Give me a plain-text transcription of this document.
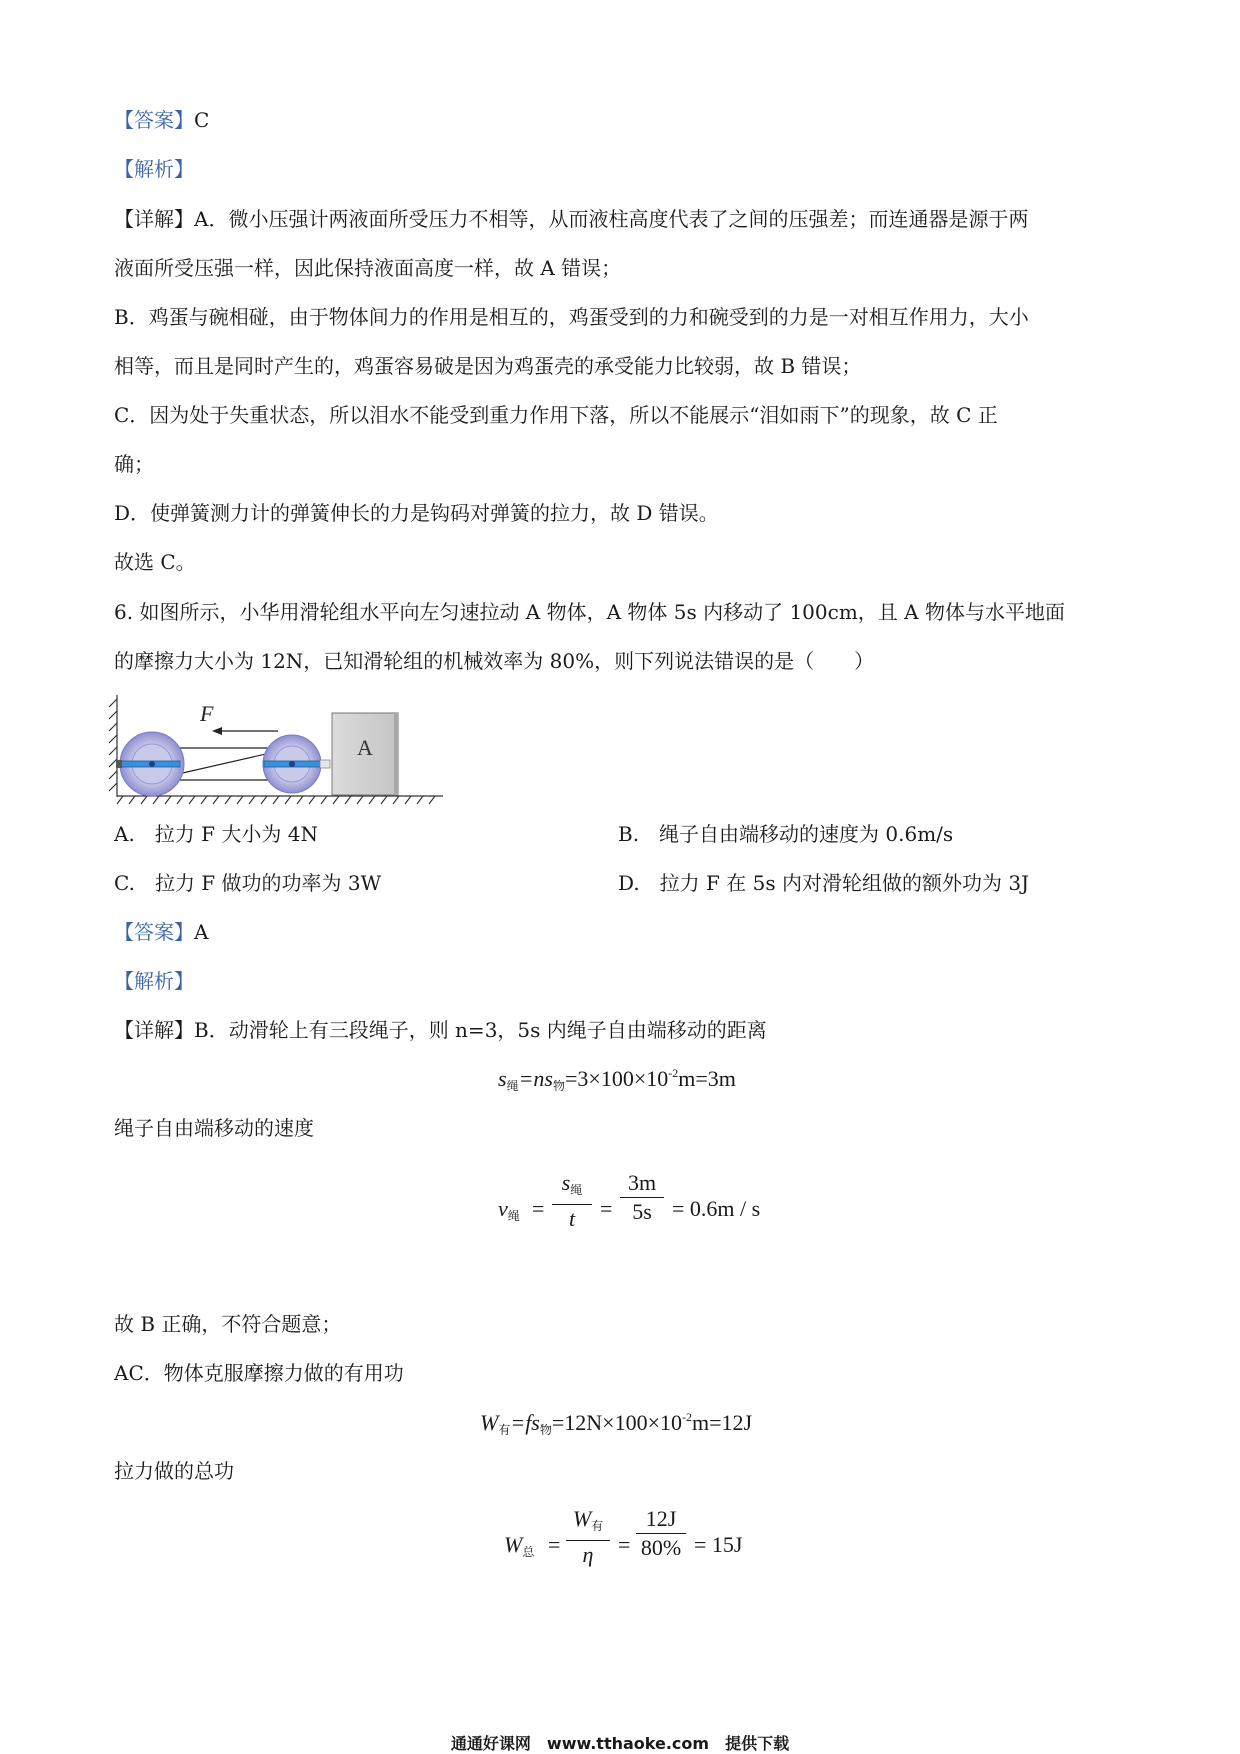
【答案】C
【解析】
【详解】A．微小压强计两液面所受压力不相等，从而液柱高度代表了之间的压强差；而连通器是源于两
液面所受压强一样，因此保持液面高度一样，故 A 错误；
B．鸡蛋与碗相碰，由于物体间力的作用是相互的，鸡蛋受到的力和碗受到的力是一对相互作用力，大小
相等，而且是同时产生的，鸡蛋容易破是因为鸡蛋壳的承受能力比较弱，故 B 错误；
C．因为处于失重状态，所以泪水不能受到重力作用下落，所以不能展示“泪如雨下”的现象，故 C 正
确；
D．使弹簧测力计的弹簧伸长的力是钩码对弹簧的拉力，故 D 错误。
故选 C。
6. 如图所示，小华用滑轮组水平向左匀速拉动 A 物体，A 物体 5s 内移动了 100cm，且 A 物体与水平地面
的摩擦力大小为 12N，已知滑轮组的机械效率为 80%，则下列说法错误的是（　　）
A
F
A.　拉力 F 大小为 4N	B.　绳子自由端移动的速度为 0.6m/s
C.　拉力 F 做功的功率为 3W	D.　拉力 F 在 5s 内对滑轮组做的额外功为 3J
【答案】A
【解析】
【详解】B．动滑轮上有三段绳子，则 n=3，5s 内绳子自由端移动的距离
$s_绳=ns_物=3\times 100\times 10^{-2}m=3m$
绳子自由端移动的速度
$v_绳$ =
$s_绳$
t	=
3m
5s = 0.6m / s
故 B 正确，不符合题意；
AC．物体克服摩擦力做的有用功
$W_有=fs_物=12N\times 100\times 10^{-2}m=12J$
拉力做的总功
$W_总$ =
$W_有$
η	=
12J
80% = 15J
通通好课网　www.tthaoke.com　提供下载
